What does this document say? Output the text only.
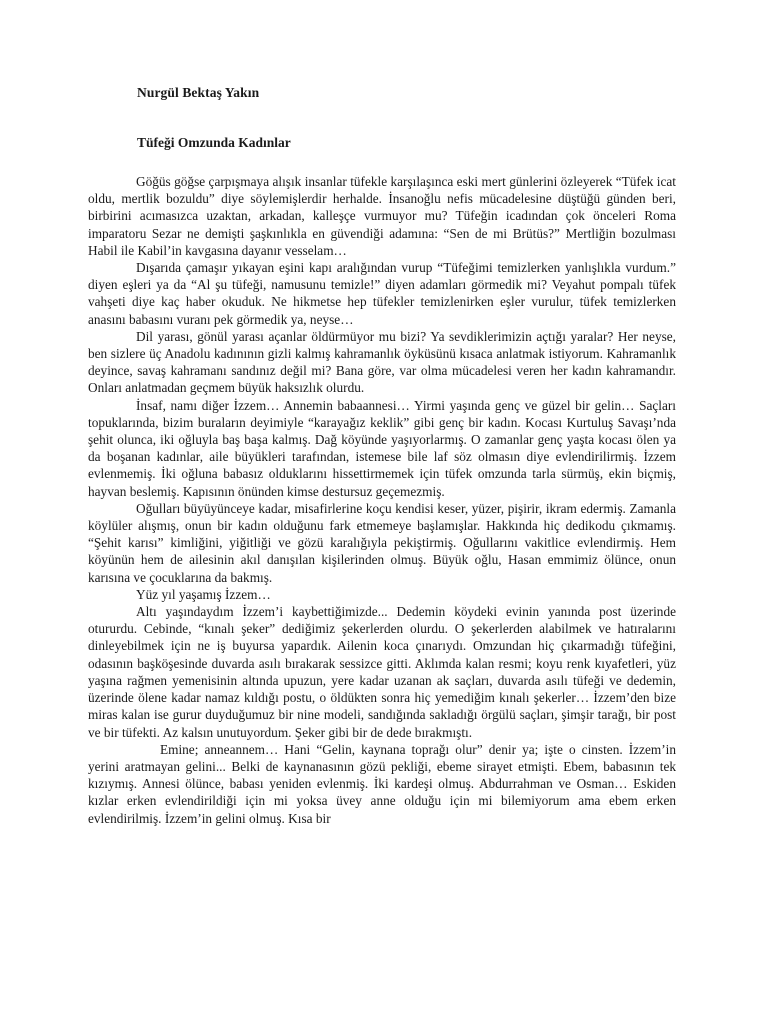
Nurgül Bektaş Yakın
Tüfeği Omzunda Kadınlar

Göğüs göğse çarpışmaya alışık insanlar tüfekle karşılaşınca eski mert günlerini özleyerek “Tüfek icat oldu, mertlik bozuldu” diye söylemişlerdir herhalde. İnsanoğlu nefis mücadelesine düştüğü günden beri, birbirini acımasızca uzaktan, arkadan, kalleşçe vurmuyor mu? Tüfeğin icadından çok önceleri Roma imparatoru Sezar ne demişti şaşkınlıkla en güvendiği adamına: “Sen de mi Brütüs?” Mertliğin bozulması Habil ile Kabil’in kavgasına dayanır vesselam…

Dışarıda çamaşır yıkayan eşini kapı aralığından vurup “Tüfeğimi temizlerken yanlışlıkla vurdum.” diyen eşleri ya da “Al şu tüfeği, namusunu temizle!” diyen adamları görmedik mi? Veyahut pompalı tüfek vahşeti diye kaç haber okuduk. Ne hikmetse hep tüfekler temizlenirken eşler vurulur, tüfek temizlerken anasını babasını vuranı pek görmedik ya, neyse…

Dil yarası, gönül yarası açanlar öldürmüyor mu bizi? Ya sevdiklerimizin açtığı yaralar? Her neyse, ben sizlere üç Anadolu kadınının gizli kalmış kahramanlık öyküsünü kısaca anlatmak istiyorum. Kahramanlık deyince, savaş kahramanı sandınız değil mi? Bana göre, var olma mücadelesi veren her kadın kahramandır. Onları anlatmadan geçmem büyük haksızlık olurdu.

İnsaf, namı diğer İzzem… Annemin babaannesi… Yirmi yaşında genç ve güzel bir gelin… Saçları topuklarında, bizim buraların deyimiyle “karayağız keklik” gibi genç bir kadın. Kocası Kurtuluş Savaşı’nda şehit olunca, iki oğluyla baş başa kalmış. Dağ köyünde yaşıyorlarmış. O zamanlar genç yaşta kocası ölen ya da boşanan kadınlar, aile büyükleri tarafından, istemese bile laf söz olmasın diye evlendirilirmiş. İzzem evlenmemiş. İki oğluna babasız olduklarını hissettirmemek için tüfek omzunda tarla sürmüş, ekin biçmiş, hayvan beslemiş. Kapısının önünden kimse destursuz geçemezmiş.

Oğulları büyüyünceye kadar, misafirlerine koçu kendisi keser, yüzer, pişirir, ikram edermiş. Zamanla köylüler alışmış, onun bir kadın olduğunu fark etmemeye başlamışlar. Hakkında hiç dedikodu çıkmamış. “Şehit karısı” kimliğini, yiğitliği ve gözü karalığıyla pekiştirmiş. Oğullarını vakitlice evlendirmiş. Hem köyünün hem de ailesinin akıl danışılan kişilerinden olmuş. Büyük oğlu, Hasan emmimiz ölünce, onun karısına ve çocuklarına da bakmış.

Yüz yıl yaşamış İzzem…

Altı yaşındaydım İzzem’i kaybettiğimizde... Dedemin köydeki evinin yanında post üzerinde otururdu. Cebinde, “kınalı şeker” dediğimiz şekerlerden olurdu. O şekerlerden alabilmek ve hatıralarını dinleyebilmek için ne iş buyursa yapardık. Ailenin koca çınarıydı. Omzundan hiç çıkarmadığı tüfeğini, odasının başköşesinde duvarda asılı bırakarak sessizce gitti. Aklımda kalan resmi; koyu renk kıyafetleri, yüz yaşına rağmen yemenisinin altında upuzun, yere kadar uzanan ak saçları, duvarda asılı tüfeği ve dedemin, üzerinde ölene kadar namaz kıldığı postu, o öldükten sonra hiç yemediğim kınalı şekerler… İzzem’den bize miras kalan ise gurur duyduğumuz bir nine modeli, sandığında sakladığı örgülü saçları, şimşir tarağı, bir post ve bir tüfekti. Az kalsın unutuyordum. Şeker gibi bir de dede bırakmıştı.

Emine; anneannem… Hani “Gelin, kaynana toprağı olur” denir ya; işte o cinsten. İzzem’in yerini aratmayan gelini... Belki de kaynanasının gözü pekliği, ebeme sirayet etmişti. Ebem, babasının tek kızıymış. Annesi ölünce, babası yeniden evlenmiş. İki kardeşi olmuş. Abdurrahman ve Osman… Eskiden kızlar erken evlendirildiği için mi yoksa üvey anne olduğu için mi bilemiyorum ama ebem erken evlendirilmiş. İzzem’in gelini olmuş. Kısa bir
